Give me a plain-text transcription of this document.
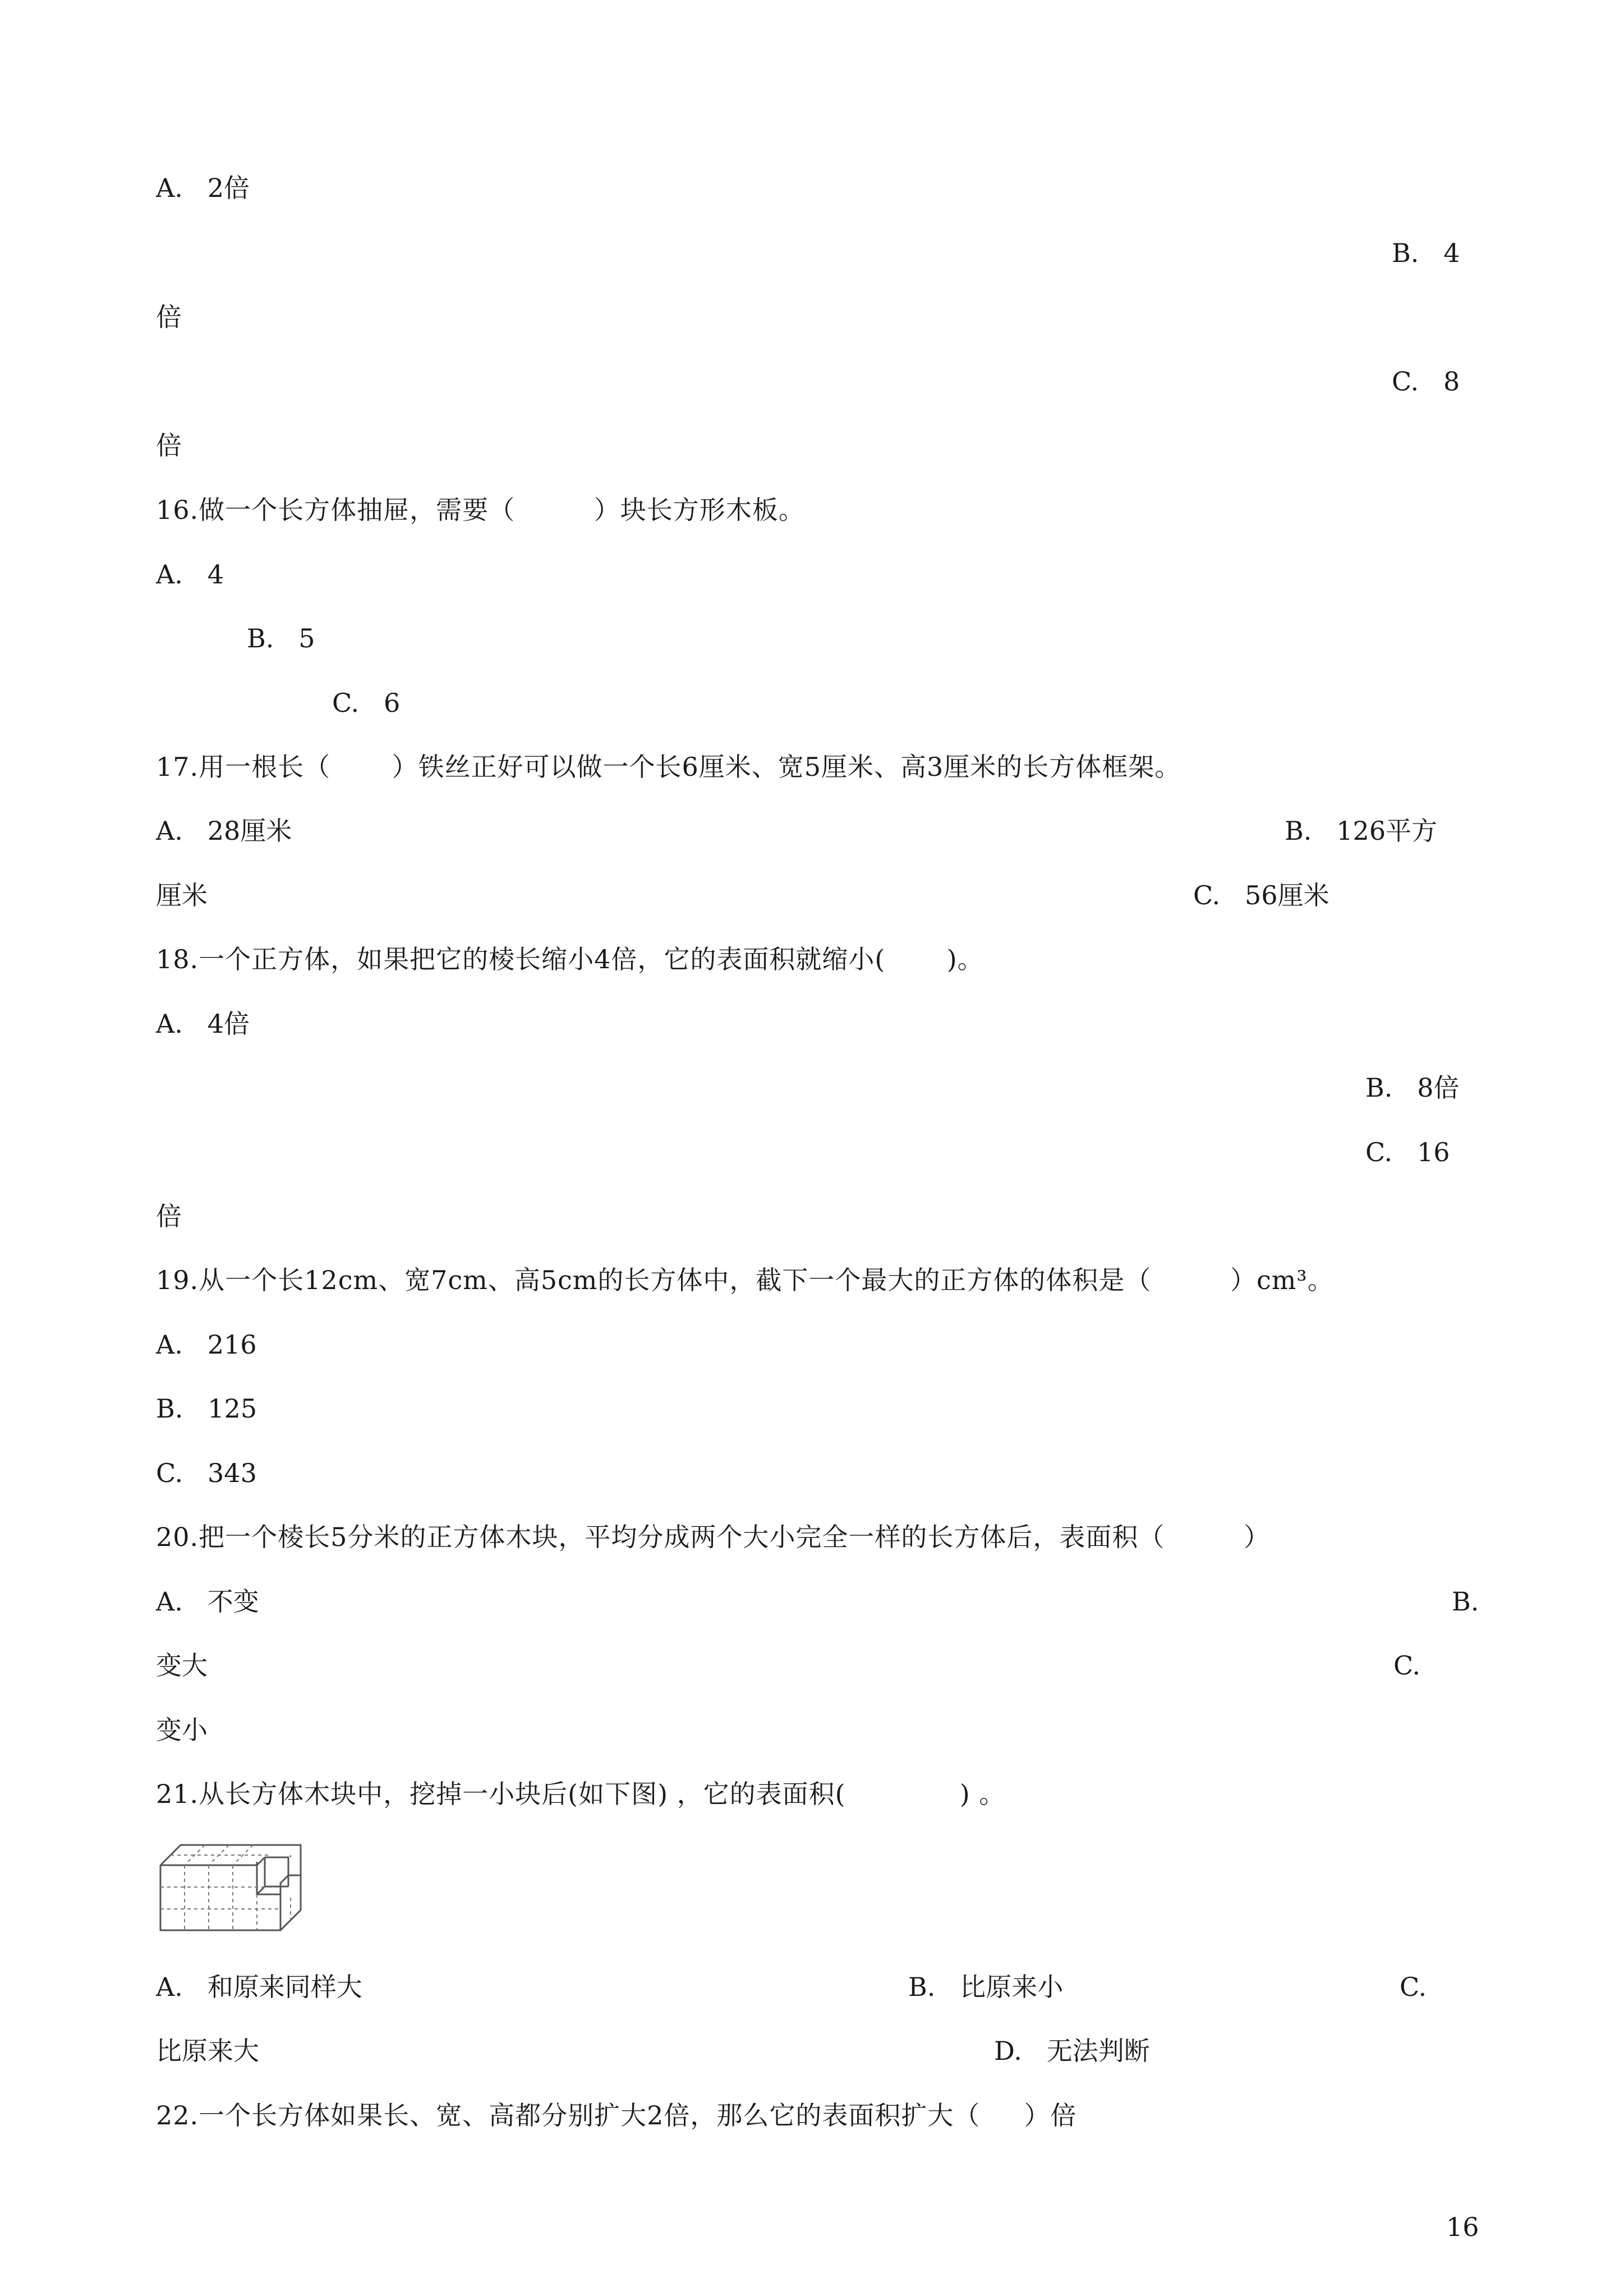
A.   2倍
B.   4
倍
C.   8
倍
16.做一个长方体抽屉，需要（         ）块长方形木板。
A.   4
B.   5
C.   6
17.用一根长（       ）铁丝正好可以做一个长6厘米、宽5厘米、高3厘米的长方体框架。
A.   28厘米	B.   126平方
厘米	C.   56厘米
18.一个正方体，如果把它的棱长缩小4倍，它的表面积就缩小(       )。
A.   4倍
B.   8倍
C.   16
倍
19.从一个长12cm、宽7cm、高5cm的长方体中，截下一个最大的正方体的体积是（         ）cm³。
A.   216
B.   125
C.   343
20.把一个棱长5分米的正方体木块，平均分成两个大小完全一样的长方体后，表面积（         ）
A.   不变	B.
变大	C.
变小
21.从长方体木块中，挖掉一小块后(如下图) ，它的表面积(             ) 。
A.   和原来同样大	B.   比原来小	C.
比原来大	D.   无法判断
22.一个长方体如果长、宽、高都分别扩大2倍，那么它的表面积扩大（     ）倍
16
